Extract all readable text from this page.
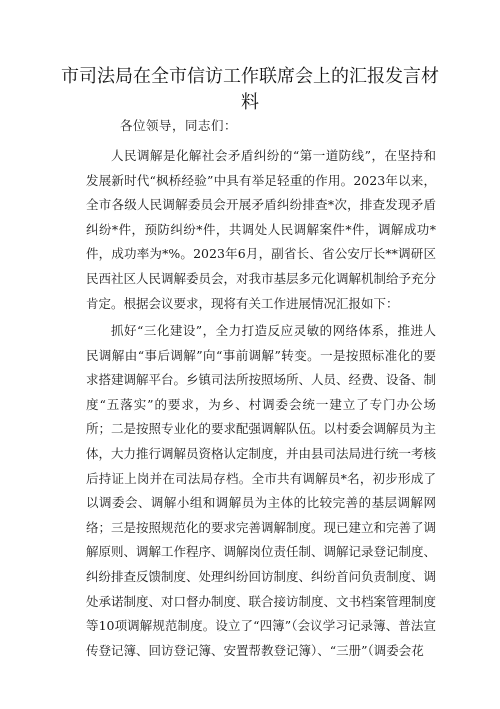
市司法局在全市信访工作联席会上的汇报发言材料

各位领导，同志们：

人民调解是化解社会矛盾纠纷的“第一道防线”，在坚持和发展新时代“枫桥经验”中具有举足轻重的作用。2023年以来，全市各级人民调解委员会开展矛盾纠纷排查*次，排查发现矛盾纠纷*件，预防纠纷*件，共调处人民调解案件*件，调解成功*件，成功率为*%。2023年6月，副省长、省公安厅长**调研区民西社区人民调解委员会，对我市基层多元化调解机制给予充分肯定。根据会议要求，现将有关工作进展情况汇报如下：

抓好“三化建设”，全力打造反应灵敏的网络体系，推进人民调解由“事后调解”向“事前调解”转变。一是按照标准化的要求搭建调解平台。乡镇司法所按照场所、人员、经费、设备、制度“五落实”的要求，为乡、村调委会统一建立了专门办公场所；二是按照专业化的要求配强调解队伍。以村委会调解员为主体，大力推行调解员资格认定制度，并由县司法局进行统一考核后持证上岗并在司法局存档。全市共有调解员*名，初步形成了以调委会、调解小组和调解员为主体的比较完善的基层调解网络；三是按照规范化的要求完善调解制度。现已建立和完善了调解原则、调解工作程序、调解岗位责任制、调解记录登记制度、纠纷排查反馈制度、处理纠纷回访制度、纠纷首问负责制度、调处承诺制度、对口督办制度、联合接访制度、文书档案管理制度等10项调解规范制度。设立了“四簿”（会议学习记录簿、普法宣传登记簿、回访登记簿、安置帮教登记簿）、“三册”（调委会花
